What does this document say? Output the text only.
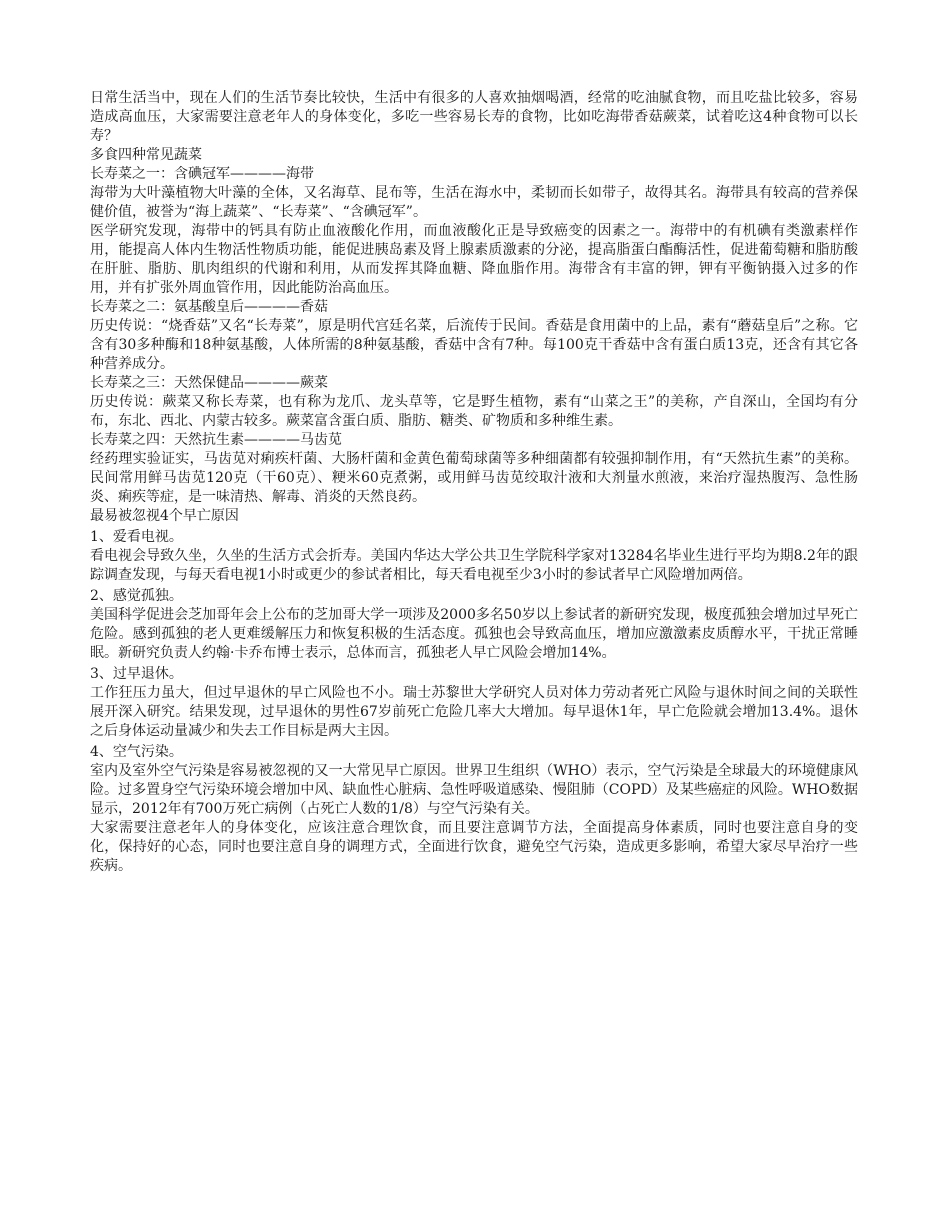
日常生活当中，现在人们的生活节奏比较快，生活中有很多的人喜欢抽烟喝酒，经常的吃油腻食物，而且吃盐比较多，容易造成高血压，大家需要注意老年人的身体变化，多吃一些容易长寿的食物，比如吃海带香菇蕨菜，试着吃这4种食物可以长寿？

多食四种常见蔬菜

长寿菜之一：含碘冠军————海带

海带为大叶藻植物大叶藻的全体，又名海草、昆布等，生活在海水中，柔韧而长如带子，故得其名。海带具有较高的营养保健价值，被誉为“海上蔬菜”、“长寿菜”、“含碘冠军”。

医学研究发现，海带中的钙具有防止血液酸化作用，而血液酸化正是导致癌变的因素之一。海带中的有机碘有类激素样作用，能提高人体内生物活性物质功能，能促进胰岛素及肾上腺素质激素的分泌，提高脂蛋白酯酶活性，促进葡萄糖和脂肪酸在肝脏、脂肪、肌肉组织的代谢和利用，从而发挥其降血糖、降血脂作用。海带含有丰富的钾，钾有平衡钠摄入过多的作用，并有扩张外周血管作用，因此能防治高血压。

长寿菜之二：氨基酸皇后————香菇

历史传说：“烧香菇”又名“长寿菜”，原是明代宫廷名菜，后流传于民间。香菇是食用菌中的上品，素有“蘑菇皇后”之称。它含有30多种酶和18种氨基酸，人体所需的8种氨基酸，香菇中含有7种。每100克干香菇中含有蛋白质13克，还含有其它各种营养成分。

长寿菜之三：天然保健品————蕨菜

历史传说：蕨菜又称长寿菜，也有称为龙爪、龙头草等，它是野生植物，素有“山菜之王”的美称，产自深山，全国均有分布，东北、西北、内蒙古较多。蕨菜富含蛋白质、脂肪、糖类、矿物质和多种维生素。

长寿菜之四：天然抗生素————马齿苋

经药理实验证实，马齿苋对痢疾杆菌、大肠杆菌和金黄色葡萄球菌等多种细菌都有较强抑制作用，有“天然抗生素”的美称。民间常用鲜马齿苋120克（干60克）、粳米60克煮粥，或用鲜马齿苋绞取汁液和大剂量水煎液，来治疗湿热腹泻、急性肠炎、痢疾等症，是一味清热、解毒、消炎的天然良药。

最易被忽视4个早亡原因

1、爱看电视。

看电视会导致久坐，久坐的生活方式会折寿。美国内华达大学公共卫生学院科学家对13284名毕业生进行平均为期8.2年的跟踪调查发现，与每天看电视1小时或更少的参试者相比，每天看电视至少3小时的参试者早亡风险增加两倍。

2、感觉孤独。

美国科学促进会芝加哥年会上公布的芝加哥大学一项涉及2000多名50岁以上参试者的新研究发现，极度孤独会增加过早死亡危险。感到孤独的老人更难缓解压力和恢复积极的生活态度。孤独也会导致高血压，增加应激激素皮质醇水平，干扰正常睡眠。新研究负责人约翰·卡乔布博士表示，总体而言，孤独老人早亡风险会增加14%。

3、过早退休。

工作狂压力虽大，但过早退休的早亡风险也不小。瑞士苏黎世大学研究人员对体力劳动者死亡风险与退休时间之间的关联性展开深入研究。结果发现，过早退休的男性67岁前死亡危险几率大大增加。每早退休1年，早亡危险就会增加13.4%。退休之后身体运动量减少和失去工作目标是两大主因。

4、空气污染。

室内及室外空气污染是容易被忽视的又一大常见早亡原因。世界卫生组织（WHO）表示，空气污染是全球最大的环境健康风险。过多置身空气污染环境会增加中风、缺血性心脏病、急性呼吸道感染、慢阻肺（COPD）及某些癌症的风险。WHO数据显示，2012年有700万死亡病例（占死亡人数的1/8）与空气污染有关。

大家需要注意老年人的身体变化，应该注意合理饮食，而且要注意调节方法，全面提高身体素质，同时也要注意自身的变化，保持好的心态，同时也要注意自身的调理方式，全面进行饮食，避免空气污染，造成更多影响，希望大家尽早治疗一些疾病。
